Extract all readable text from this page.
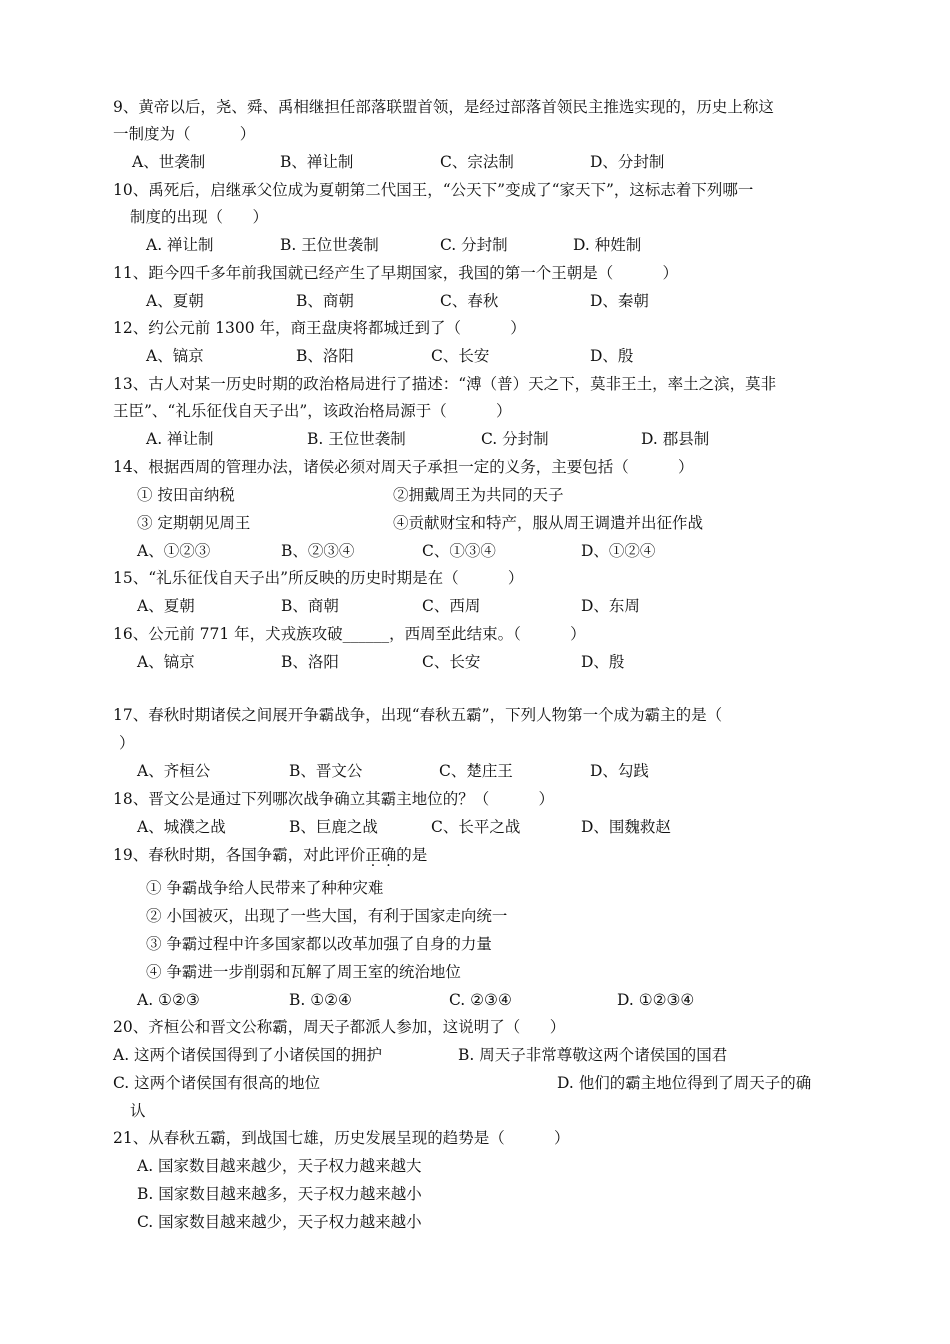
9、黄帝以后，尧、舜、禹相继担任部落联盟首领，是经过部落首领民主推选实现的，历史上称这
一制度为（          ）
A、世袭制	B、禅让制	C、宗法制	D、分封制
10、禹死后，启继承父位成为夏朝第二代国王，“公天下”变成了“家天下”，这标志着下列哪一
制度的出现（      ）
A. 禅让制	B. 王位世袭制	C. 分封制	D. 种姓制
11、距今四千多年前我国就已经产生了早期国家，我国的第一个王朝是（          ）
A、夏朝	B、商朝	C、春秋	D、秦朝
12、约公元前 1300 年，商王盘庚将都城迁到了（          ）
A、镐京	B、洛阳	C、长安	D、殷
13、古人对某一历史时期的政治格局进行了描述：“溥（普）天之下，莫非王土，率土之滨，莫非
王臣”、“礼乐征伐自天子出”，该政治格局源于（          ）
A. 禅让制	B. 王位世袭制	C. 分封制	D. 郡县制
14、根据西周的管理办法，诸侯必须对周天子承担一定的义务，主要包括（          ）
① 按田亩纳税	②拥戴周王为共同的天子
③ 定期朝见周王	④贡献财宝和特产，服从周王调遣并出征作战
A、①②③	B、②③④	C、①③④	D、①②④
15、“礼乐征伐自天子出”所反映的历史时期是在（          ）
A、夏朝	B、商朝	C、西周	D、东周
16、公元前 771 年，犬戎族攻破______，西周至此结束。（          ）
A、镐京	B、洛阳	C、长安	D、殷
17、春秋时期诸侯之间展开争霸战争，出现“春秋五霸”，下列人物第一个成为霸主的是（
）
A、齐桓公	B、晋文公	C、楚庄王	D、勾践
18、晋文公是通过下列哪次战争确立其霸主地位的？（          ）
A、城濮之战	B、巨鹿之战	C、长平之战	D、围魏救赵
19、春秋时期，各国争霸，对此评价正确的是
① 争霸战争给人民带来了种种灾难
② 小国被灭，出现了一些大国，有利于国家走向统一
③ 争霸过程中许多国家都以改革加强了自身的力量
④ 争霸进一步削弱和瓦解了周王室的统治地位
A. ①②③	B. ①②④	C. ②③④	D. ①②③④
20、齐桓公和晋文公称霸，周天子都派人参加，这说明了（      ）
A. 这两个诸侯国得到了小诸侯国的拥护	B. 周天子非常尊敬这两个诸侯国的国君
C. 这两个诸侯国有很高的地位	D. 他们的霸主地位得到了周天子的确
认
21、从春秋五霸，到战国七雄，历史发展呈现的趋势是（          ）
A. 国家数目越来越少，天子权力越来越大
B. 国家数目越来越多，天子权力越来越小
C. 国家数目越来越少，天子权力越来越小
